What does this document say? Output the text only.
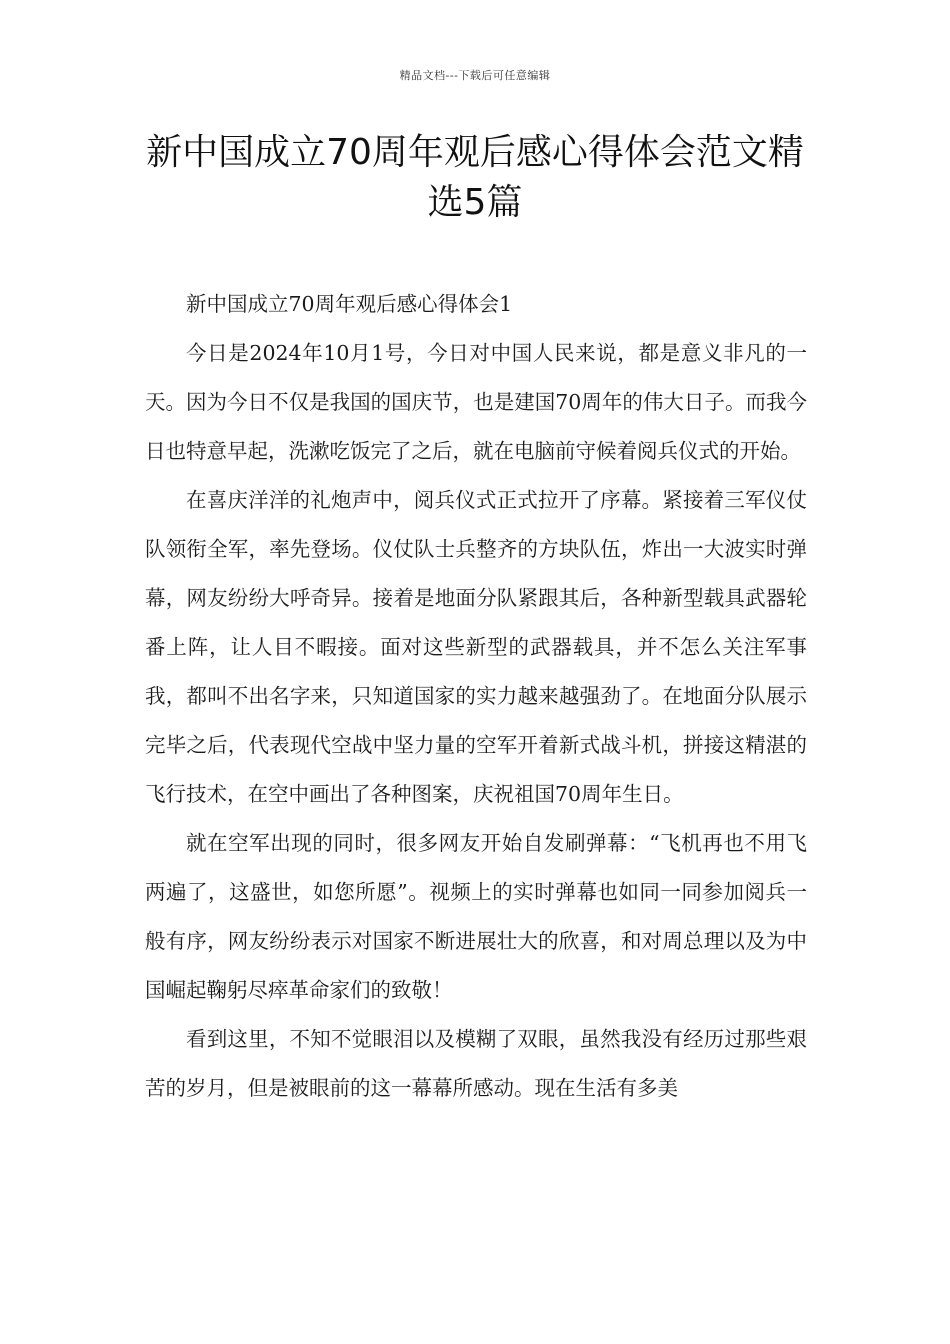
精品文档---下载后可任意编辑
新中国成立70周年观后感心得体会范文精选5篇

新中国成立70周年观后感心得体会1

今日是2024年10月1号，今日对中国人民来说，都是意义非凡的一天。因为今日不仅是我国的国庆节，也是建国70周年的伟大日子。而我今日也特意早起，洗漱吃饭完了之后，就在电脑前守候着阅兵仪式的开始。

在喜庆洋洋的礼炮声中，阅兵仪式正式拉开了序幕。紧接着三军仪仗队领衔全军，率先登场。仪仗队士兵整齐的方块队伍，炸出一大波实时弹幕，网友纷纷大呼奇异。接着是地面分队紧跟其后，各种新型载具武器轮番上阵，让人目不暇接。面对这些新型的武器载具，并不怎么关注军事我，都叫不出名字来，只知道国家的实力越来越强劲了。在地面分队展示完毕之后，代表现代空战中坚力量的空军开着新式战斗机，拼接这精湛的飞行技术，在空中画出了各种图案，庆祝祖国70周年生日。

就在空军出现的同时，很多网友开始自发刷弹幕：“飞机再也不用飞两遍了，这盛世，如您所愿”。视频上的实时弹幕也如同一同参加阅兵一般有序，网友纷纷表示对国家不断进展壮大的欣喜，和对周总理以及为中国崛起鞠躬尽瘁革命家们的致敬！

看到这里，不知不觉眼泪以及模糊了双眼，虽然我没有经历过那些艰苦的岁月，但是被眼前的这一幕幕所感动。现在生活有多美
